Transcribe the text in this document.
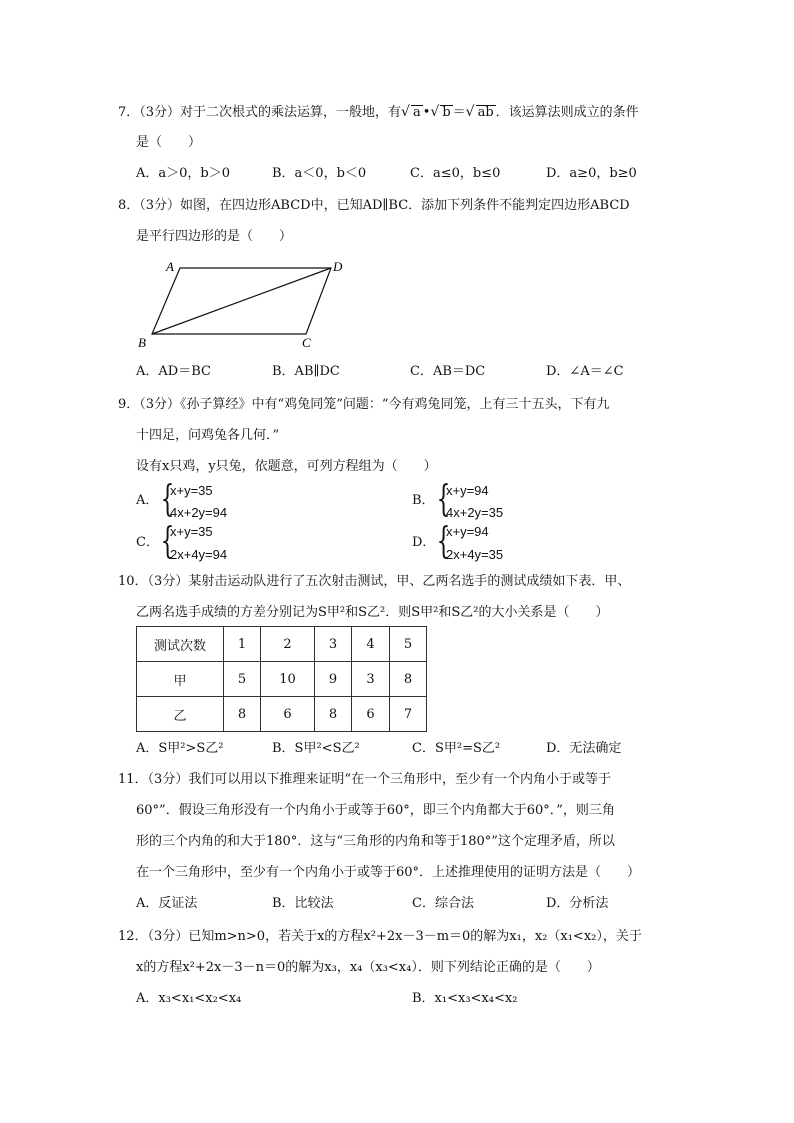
7．（3分）对于二次根式的乘法运算，一般地，有√ a •√ b ＝√ ab ．该运算法则成立的条件
是（　　）
A．a＞0，b＞0	B．a＜0，b＜0	C．a≤0，b≤0	D．a≥0，b≥0
8．（3分）如图，在四边形ABCD中，已知AD∥BC．添加下列条件不能判定四边形ABCD
是平行四边形的是（　　）
A	D
B	C
A．AD＝BC	B．AB∥DC	C．AB＝DC	D．∠A＝∠C
9．（3分）《孙子算经》中有“鸡兔同笼”问题：“今有鸡兔同笼，上有三十五头，下有九
十四足，问鸡兔各几何．”
设有x只鸡，y只兔，依题意，可列方程组为（　　）
A． {
x+y=35
4x+2y=94
B． {
x+y=94
4x+2y=35
C． {
x+y=35
2x+4y=94
D． {
x+y=94
2x+4y=35
10．（3分）某射击运动队进行了五次射击测试，甲、乙两名选手的测试成绩如下表．甲、
乙两名选手成绩的方差分别记为S甲²和S乙²．则S甲²和S乙²的大小关系是（　　）
测试次数	1	2	3	4	5
甲	5	10	9	3	8
乙	8	6	8	6	7
A．S甲²>S乙²	B．S甲²<S乙²	C．S甲²=S乙²	D．无法确定
11．（3分）我们可以用以下推理来证明“在一个三角形中，至少有一个内角小于或等于
60°”．假设三角形没有一个内角小于或等于60°，即三个内角都大于60°．”，则三角
形的三个内角的和大于180°．这与“三角形的内角和等于180°”这个定理矛盾，所以
在一个三角形中，至少有一个内角小于或等于60°．上述推理使用的证明方法是（　　）
A．反证法	B．比较法	C．综合法	D．分析法
12．（3分）已知m>n>0，若关于x的方程x²+2x－3－m＝0的解为x₁，x₂（x₁<x₂），关于
x的方程x²+2x－3－n＝0的解为x₃，x₄（x₃<x₄）．则下列结论正确的是（　　）
A．x₃<x₁<x₂<x₄	B．x₁<x₃<x₄<x₂
